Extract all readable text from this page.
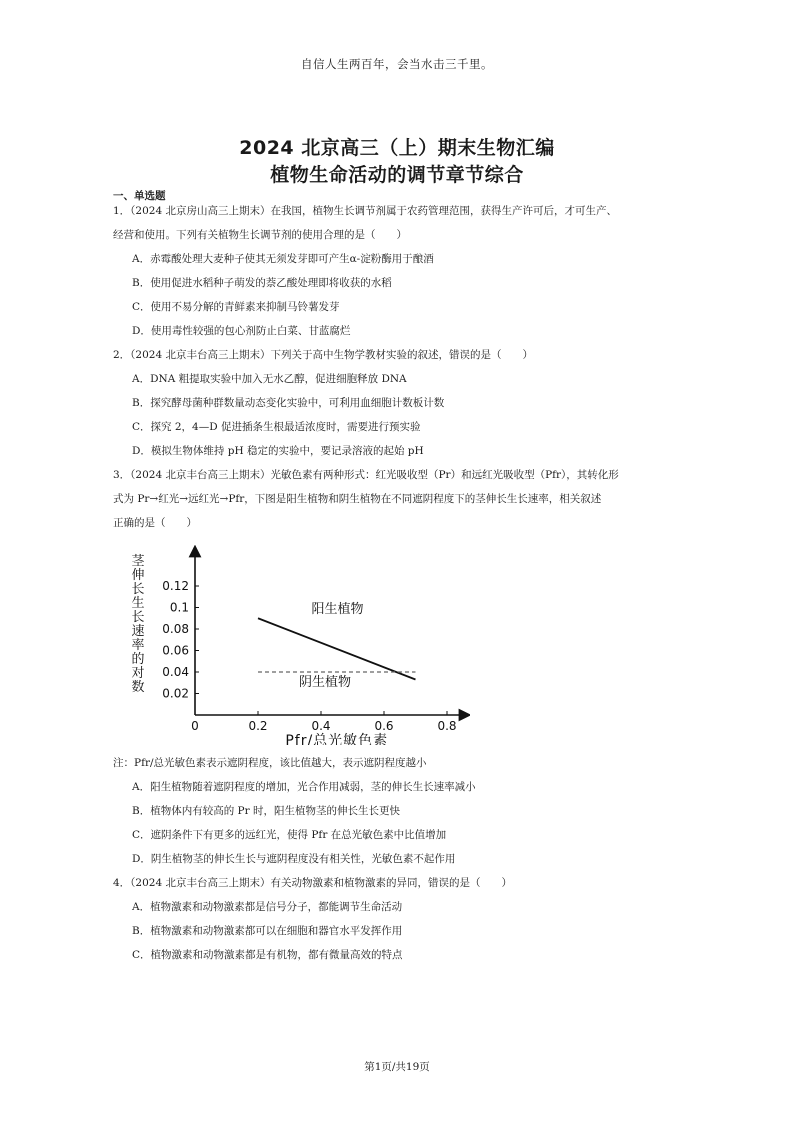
自信人生两百年，会当水击三千里。
2024 北京高三（上）期末生物汇编
植物生命活动的调节章节综合
一、单选题
1．（2024 北京房山高三上期末）在我国，植物生长调节剂属于农药管理范围，获得生产许可后，才可生产、
经营和使用。下列有关植物生长调节剂的使用合理的是（　　）
A．赤霉酸处理大麦种子使其无须发芽即可产生α-淀粉酶用于酿酒
B．使用促进水稻种子萌发的萘乙酸处理即将收获的水稻
C．使用不易分解的青鲜素来抑制马铃薯发芽
D．使用毒性较强的包心剂防止白菜、甘蓝腐烂
2．（2024 北京丰台高三上期末）下列关于高中生物学教材实验的叙述，错误的是（　　）
A．DNA 粗提取实验中加入无水乙醇，促进细胞释放 DNA
B．探究酵母菌种群数量动态变化实验中，可利用血细胞计数板计数
C．探究 2，4—D 促进插条生根最适浓度时，需要进行预实验
D．模拟生物体维持 pH 稳定的实验中，要记录溶液的起始 pH
3．（2024 北京丰台高三上期末）光敏色素有两种形式：红光吸收型（Pr）和远红光吸收型（Pfr），其转化形
式为 Pr→红光→远红光→Pfr，下图是阳生植物和阴生植物在不同遮阴程度下的茎伸长生长速率，相关叙述
正确的是（　　）
0	0.2	0.4	0.6	0.8
0.02
0.04
0.06
0.08
0.1
0.12
阳生植物
阴生植物
Pfr/总光敏色素
茎
伸
长
生
长
速
率
的
对
数
注：Pfr/总光敏色素表示遮阴程度，该比值越大，表示遮阴程度越小
A．阳生植物随着遮阴程度的增加，光合作用减弱，茎的伸长生长速率减小
B．植物体内有较高的 Pr 时，阳生植物茎的伸长生长更快
C．遮阴条件下有更多的远红光，使得 Pfr 在总光敏色素中比值增加
D．阴生植物茎的伸长生长与遮阴程度没有相关性，光敏色素不起作用
4．（2024 北京丰台高三上期末）有关动物激素和植物激素的异同，错误的是（　　）
A．植物激素和动物激素都是信号分子，都能调节生命活动
B．植物激素和动物激素都可以在细胞和器官水平发挥作用
C．植物激素和动物激素都是有机物，都有微量高效的特点
第1页/共19页
